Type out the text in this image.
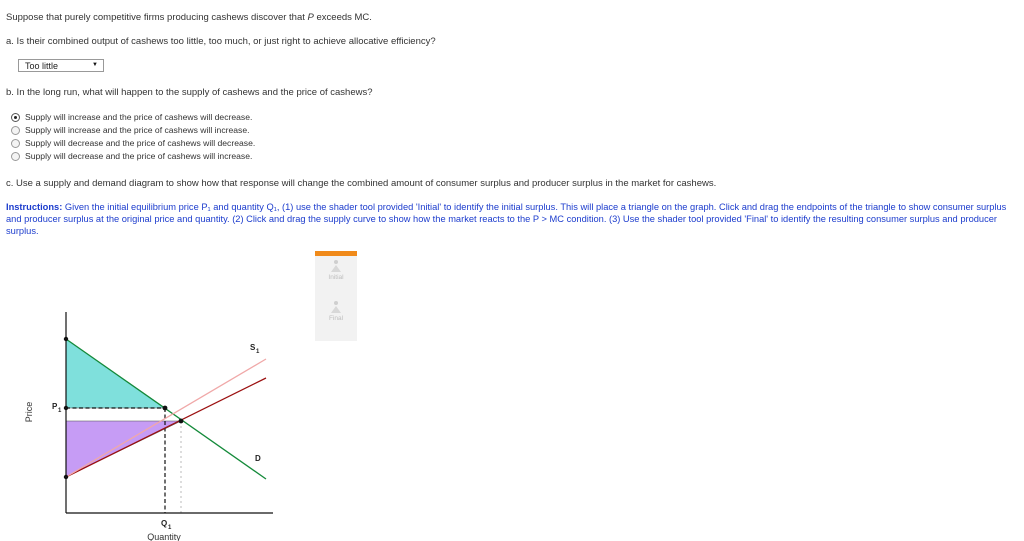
Suppose that purely competitive firms producing cashews discover that P exceeds MC.
a. Is their combined output of cashews too little, too much, or just right to achieve allocative efficiency?
Too little	▼
b. In the long run, what will happen to the supply of cashews and the price of cashews?
Supply will increase and the price of cashews will decrease.
Supply will increase and the price of cashews will increase.
Supply will decrease and the price of cashews will decrease.
Supply will decrease and the price of cashews will increase.
c. Use a supply and demand diagram to show how that response will change the combined amount of consumer surplus and producer surplus in the market for cashews.
Instructions: Given the initial equilibrium price P₁ and quantity Q₁, (1) use the shader tool provided 'Initial' to identify the initial surplus. This will place a triangle on the graph. Click and drag the endpoints of the triangle to show consumer surplus and producer surplus at the original price and quantity. (2) Click and drag the supply curve to show how the market reacts to the P > MC condition. (3) Use the shader tool provided 'Final' to identify the resulting consumer surplus and producer surplus.
Price
Quantity
P 1
Q 1
S 1
D
Initial
Final
